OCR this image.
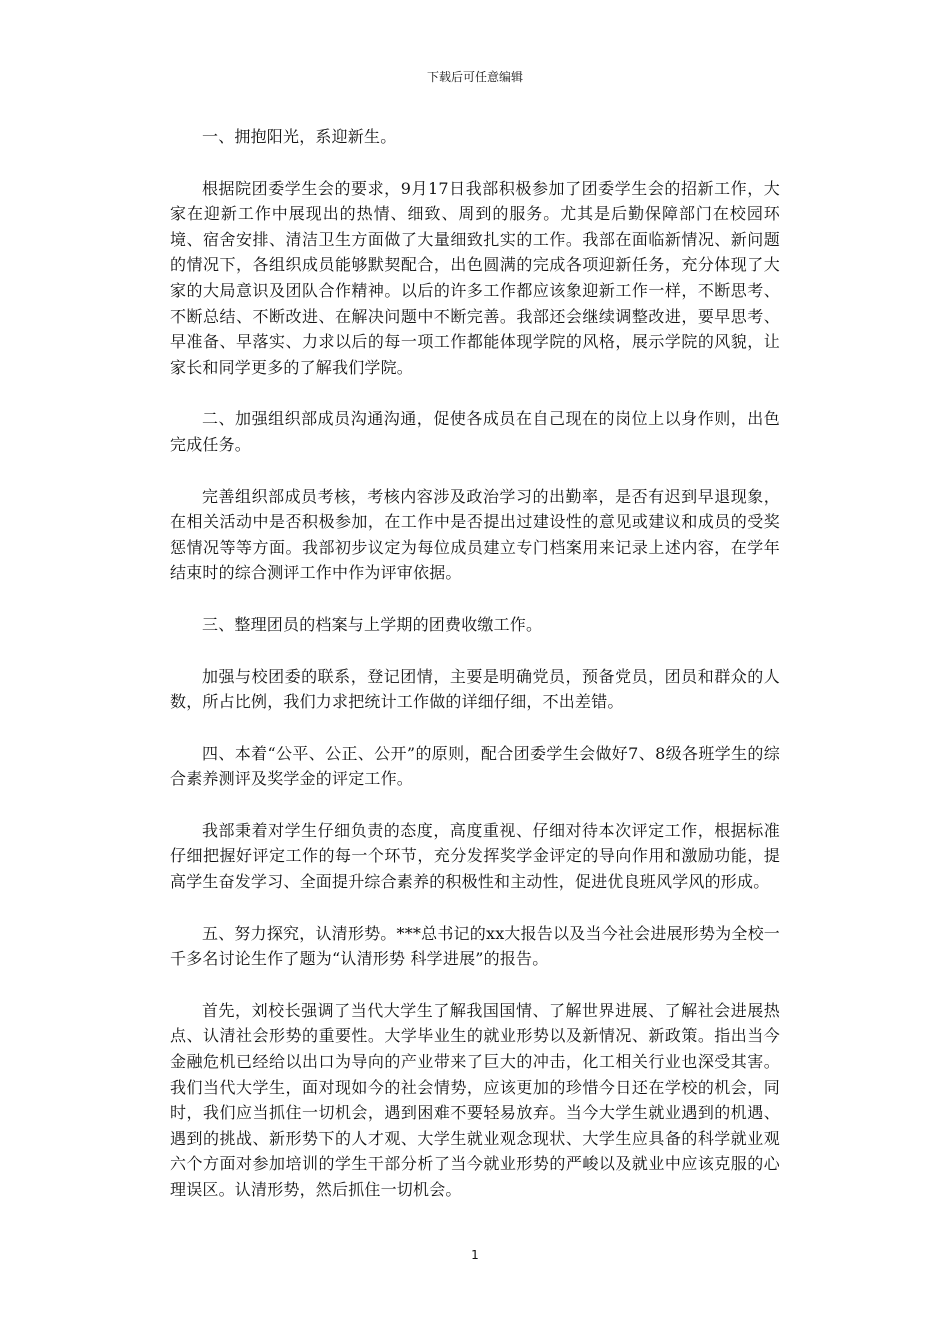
下载后可任意编辑

一、拥抱阳光，系迎新生。

根据院团委学生会的要求，9月17日我部积极参加了团委学生会的招新工作，大家在迎新工作中展现出的热情、细致、周到的服务。尤其是后勤保障部门在校园环境、宿舍安排、清洁卫生方面做了大量细致扎实的工作。我部在面临新情况、新问题的情况下，各组织成员能够默契配合，出色圆满的完成各项迎新任务，充分体现了大家的大局意识及团队合作精神。以后的许多工作都应该象迎新工作一样，不断思考、不断总结、不断改进、在解决问题中不断完善。我部还会继续调整改进，要早思考、早准备、早落实、力求以后的每一项工作都能体现学院的风格，展示学院的风貌，让家长和同学更多的了解我们学院。

二、加强组织部成员沟通沟通，促使各成员在自己现在的岗位上以身作则，出色完成任务。

完善组织部成员考核，考核内容涉及政治学习的出勤率，是否有迟到早退现象，在相关活动中是否积极参加，在工作中是否提出过建设性的意见或建议和成员的受奖惩情况等等方面。我部初步议定为每位成员建立专门档案用来记录上述内容，在学年结束时的综合测评工作中作为评审依据。

三、整理团员的档案与上学期的团费收缴工作。

加强与校团委的联系，登记团情，主要是明确党员，预备党员，团员和群众的人数，所占比例，我们力求把统计工作做的详细仔细，不出差错。

四、本着“公平、公正、公开”的原则，配合团委学生会做好7、8级各班学生的综合素养测评及奖学金的评定工作。

我部秉着对学生仔细负责的态度，高度重视、仔细对待本次评定工作，根据标准仔细把握好评定工作的每一个环节，充分发挥奖学金评定的导向作用和激励功能，提高学生奋发学习、全面提升综合素养的积极性和主动性，促进优良班风学风的形成。

五、努力探究，认清形势。***总书记的xx大报告以及当今社会进展形势为全校一千多名讨论生作了题为“认清形势 科学进展”的报告。

首先，刘校长强调了当代大学生了解我国国情、了解世界进展、了解社会进展热点、认清社会形势的重要性。大学毕业生的就业形势以及新情况、新政策。指出当今金融危机已经给以出口为导向的产业带来了巨大的冲击，化工相关行业也深受其害。我们当代大学生，面对现如今的社会情势，应该更加的珍惜今日还在学校的机会，同时，我们应当抓住一切机会，遇到困难不要轻易放弃。当今大学生就业遇到的机遇、遇到的挑战、新形势下的人才观、大学生就业观念现状、大学生应具备的科学就业观六个方面对参加培训的学生干部分析了当今就业形势的严峻以及就业中应该克服的心理误区。认清形势，然后抓住一切机会。

1
